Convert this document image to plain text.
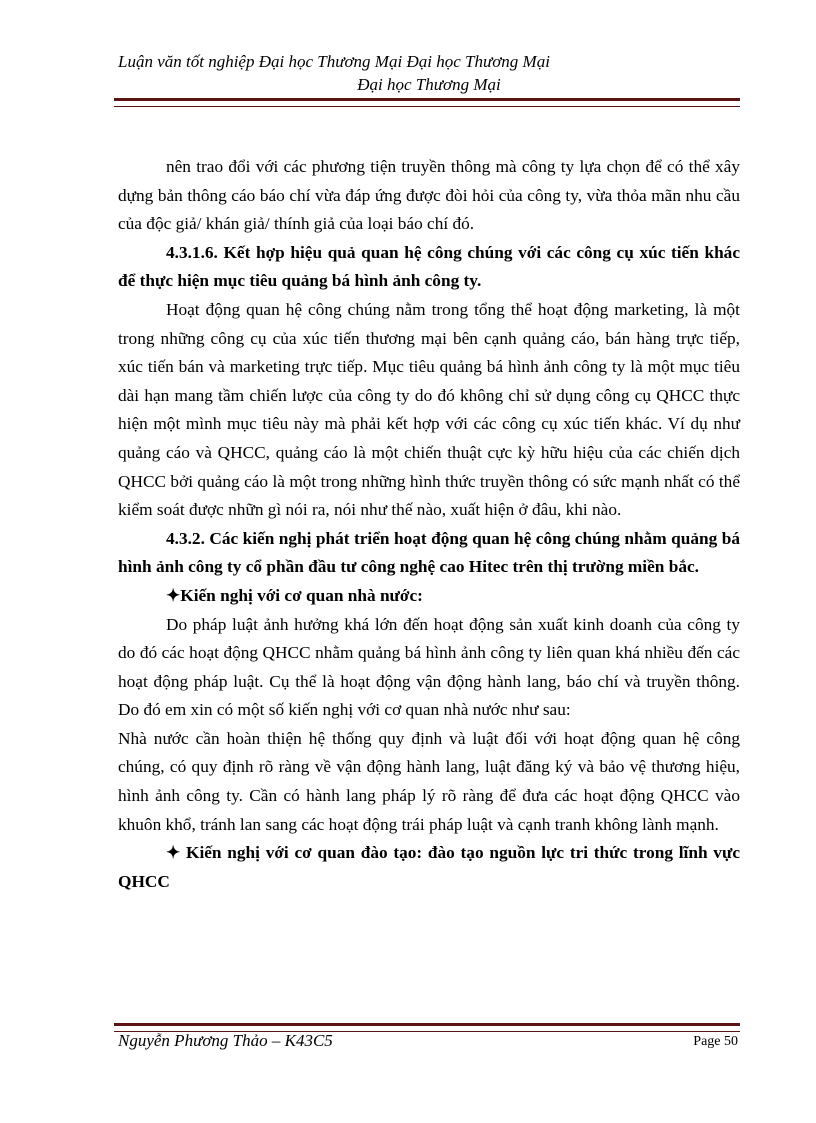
Luận văn tốt nghiệp Đại học Thương Mại Đại học Thương Mại
Đại học Thương Mại

nên trao đổi với các phương tiện truyền thông mà công ty lựa chọn để có thể xây dựng bản thông cáo báo chí vừa đáp ứng được đòi hỏi của công ty, vừa thỏa mãn nhu cầu của độc giả/ khán giả/ thính giả của loại báo chí đó.

4.3.1.6. Kết hợp hiệu quả quan hệ công chúng với các công cụ xúc tiến khác để thực hiện mục tiêu quảng bá hình ảnh công ty.

Hoạt động quan hệ công chúng nằm trong tổng thể hoạt động marketing, là một trong những công cụ của xúc tiến thương mại bên cạnh quảng cáo, bán hàng trực tiếp, xúc tiến bán và marketing trực tiếp. Mục tiêu quảng bá hình ảnh công ty là một mục tiêu dài hạn mang tầm chiến lược của công ty do đó không chỉ sử dụng công cụ QHCC thực hiện một mình mục tiêu này mà phải kết hợp với các công cụ xúc tiến khác. Ví dụ như quảng cáo và QHCC, quảng cáo là một chiến thuật cực kỳ hữu hiệu của các chiến dịch QHCC bởi quảng cáo là một trong những hình thức truyền thông có sức mạnh nhất có thể kiểm soát được nhữn gì nói ra, nói như thế nào, xuất hiện ở đâu, khi nào.

4.3.2. Các kiến nghị phát triển hoạt động quan hệ công chúng nhằm quảng bá hình ảnh công ty cổ phần đầu tư công nghệ cao Hitec trên thị trường miền bắc.

✦Kiến nghị với cơ quan nhà nước:

Do pháp luật ảnh hưởng khá lớn đến hoạt động sản xuất kinh doanh của công ty do đó các hoạt động QHCC nhằm quảng bá hình ảnh công ty liên quan khá nhiều đến các hoạt động pháp luật. Cụ thể là hoạt động vận động hành lang, báo chí và truyền thông. Do đó em xin có một số kiến nghị với cơ quan nhà nước như sau:

Nhà nước cần hoàn thiện hệ thống quy định và luật đối với hoạt động quan hệ công chúng, có quy định rõ ràng về vận động hành lang, luật đăng ký và bảo vệ thương hiệu, hình ảnh công ty. Cần có hành lang pháp lý rõ ràng để đưa các hoạt động QHCC vào khuôn khổ, tránh lan sang các hoạt động trái pháp luật và cạnh tranh không lành mạnh.

✦ Kiến nghị với cơ quan đào tạo: đào tạo nguồn lực tri thức trong lĩnh vực QHCC

Nguyễn Phương Thảo – K43C5	Page 50
